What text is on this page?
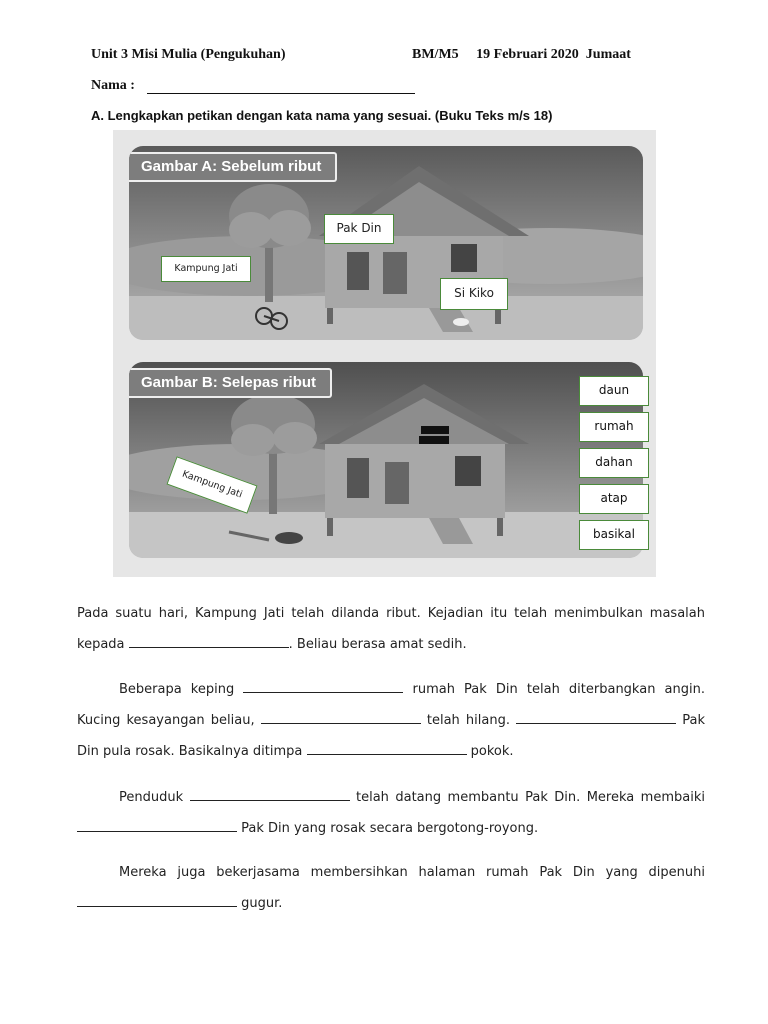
Unit 3 Misi Mulia (Pengukuhan)	BM/M5     19 Februari 2020  Jumaat
Nama :
A. Lengkapkan petikan dengan kata nama yang sesuai. (Buku Teks m/s 18)
Gambar A: Sebelum ribut
Kampung Jati
Pak Din
Si Kiko
Gambar B: Selepas ribut
Kampung Jati
daun
rumah
dahan
atap
basikal
Pada suatu hari, Kampung Jati telah dilanda ribut. Kejadian itu telah menimbulkan masalah kepada	. Beliau berasa amat sedih.
Beberapa keping	rumah Pak Din telah diterbangkan angin. Kucing kesayangan beliau,	telah hilang.	Pak Din pula rosak. Basikalnya ditimpa	pokok.
Penduduk	telah datang membantu Pak Din. Mereka membaiki  Pak Din yang rosak secara bergotong-royong.
Mereka juga bekerjasama membersihkan halaman rumah Pak Din yang dipenuhi  gugur.
